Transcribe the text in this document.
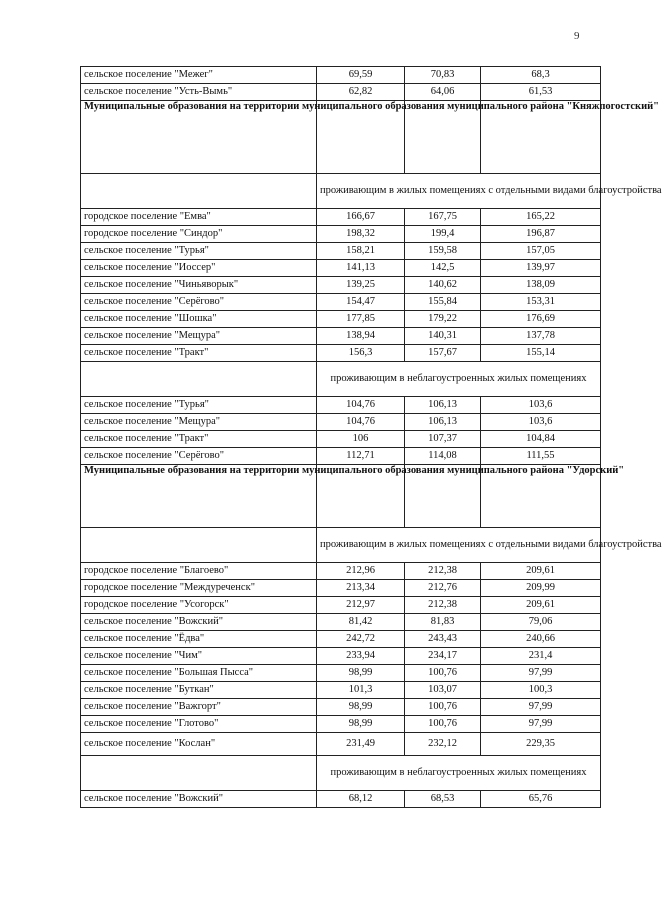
9
сельское поселение "Межег"	69,59	70,83	68,3
сельское поселение "Усть-Вымь"	62,82	64,06	61,53
Муниципальные образования на территории муниципального образования муниципального района "Княжпогостский"			
	проживающим в жилых помещениях с отдельными видами благоустройства		
городское поселение "Емва"	166,67	167,75	165,22
городское поселение "Синдор"	198,32	199,4	196,87
сельское поселение "Турья"	158,21	159,58	157,05
сельское поселение "Иоссер"	141,13	142,5	139,97
сельское поселение "Чиньяворык"	139,25	140,62	138,09
сельское поселение "Серёгово"	154,47	155,84	153,31
сельское поселение "Шошка"	177,85	179,22	176,69
сельское поселение "Мещура"	138,94	140,31	137,78
сельское поселение "Тракт"	156,3	157,67	155,14
	проживающим в неблагоустроенных жилых помещениях		
сельское поселение "Турья"	104,76	106,13	103,6
сельское поселение "Мещура"	104,76	106,13	103,6
сельское поселение "Тракт"	106	107,37	104,84
сельское поселение "Серёгово"	112,71	114,08	111,55
Муниципальные образования на территории муниципального образования муниципального района "Удорский"			
	проживающим в жилых помещениях с отдельными видами благоустройства		
городское поселение "Благоево"	212,96	212,38	209,61
городское поселение "Междуреченск"	213,34	212,76	209,99
городское поселение "Усогорск"	212,97	212,38	209,61
сельское поселение "Вожский"	81,42	81,83	79,06
сельское поселение "Ёдва"	242,72	243,43	240,66
сельское поселение "Чим"	233,94	234,17	231,4
сельское поселение "Большая Пысса"	98,99	100,76	97,99
сельское поселение "Буткан"	101,3	103,07	100,3
сельское поселение "Важгорт"	98,99	100,76	97,99
сельское поселение "Глотово"	98,99	100,76	97,99
сельское поселение "Кослан"	231,49	232,12	229,35
	проживающим в неблагоустроенных жилых помещениях		
сельское поселение "Вожский"	68,12	68,53	65,76
